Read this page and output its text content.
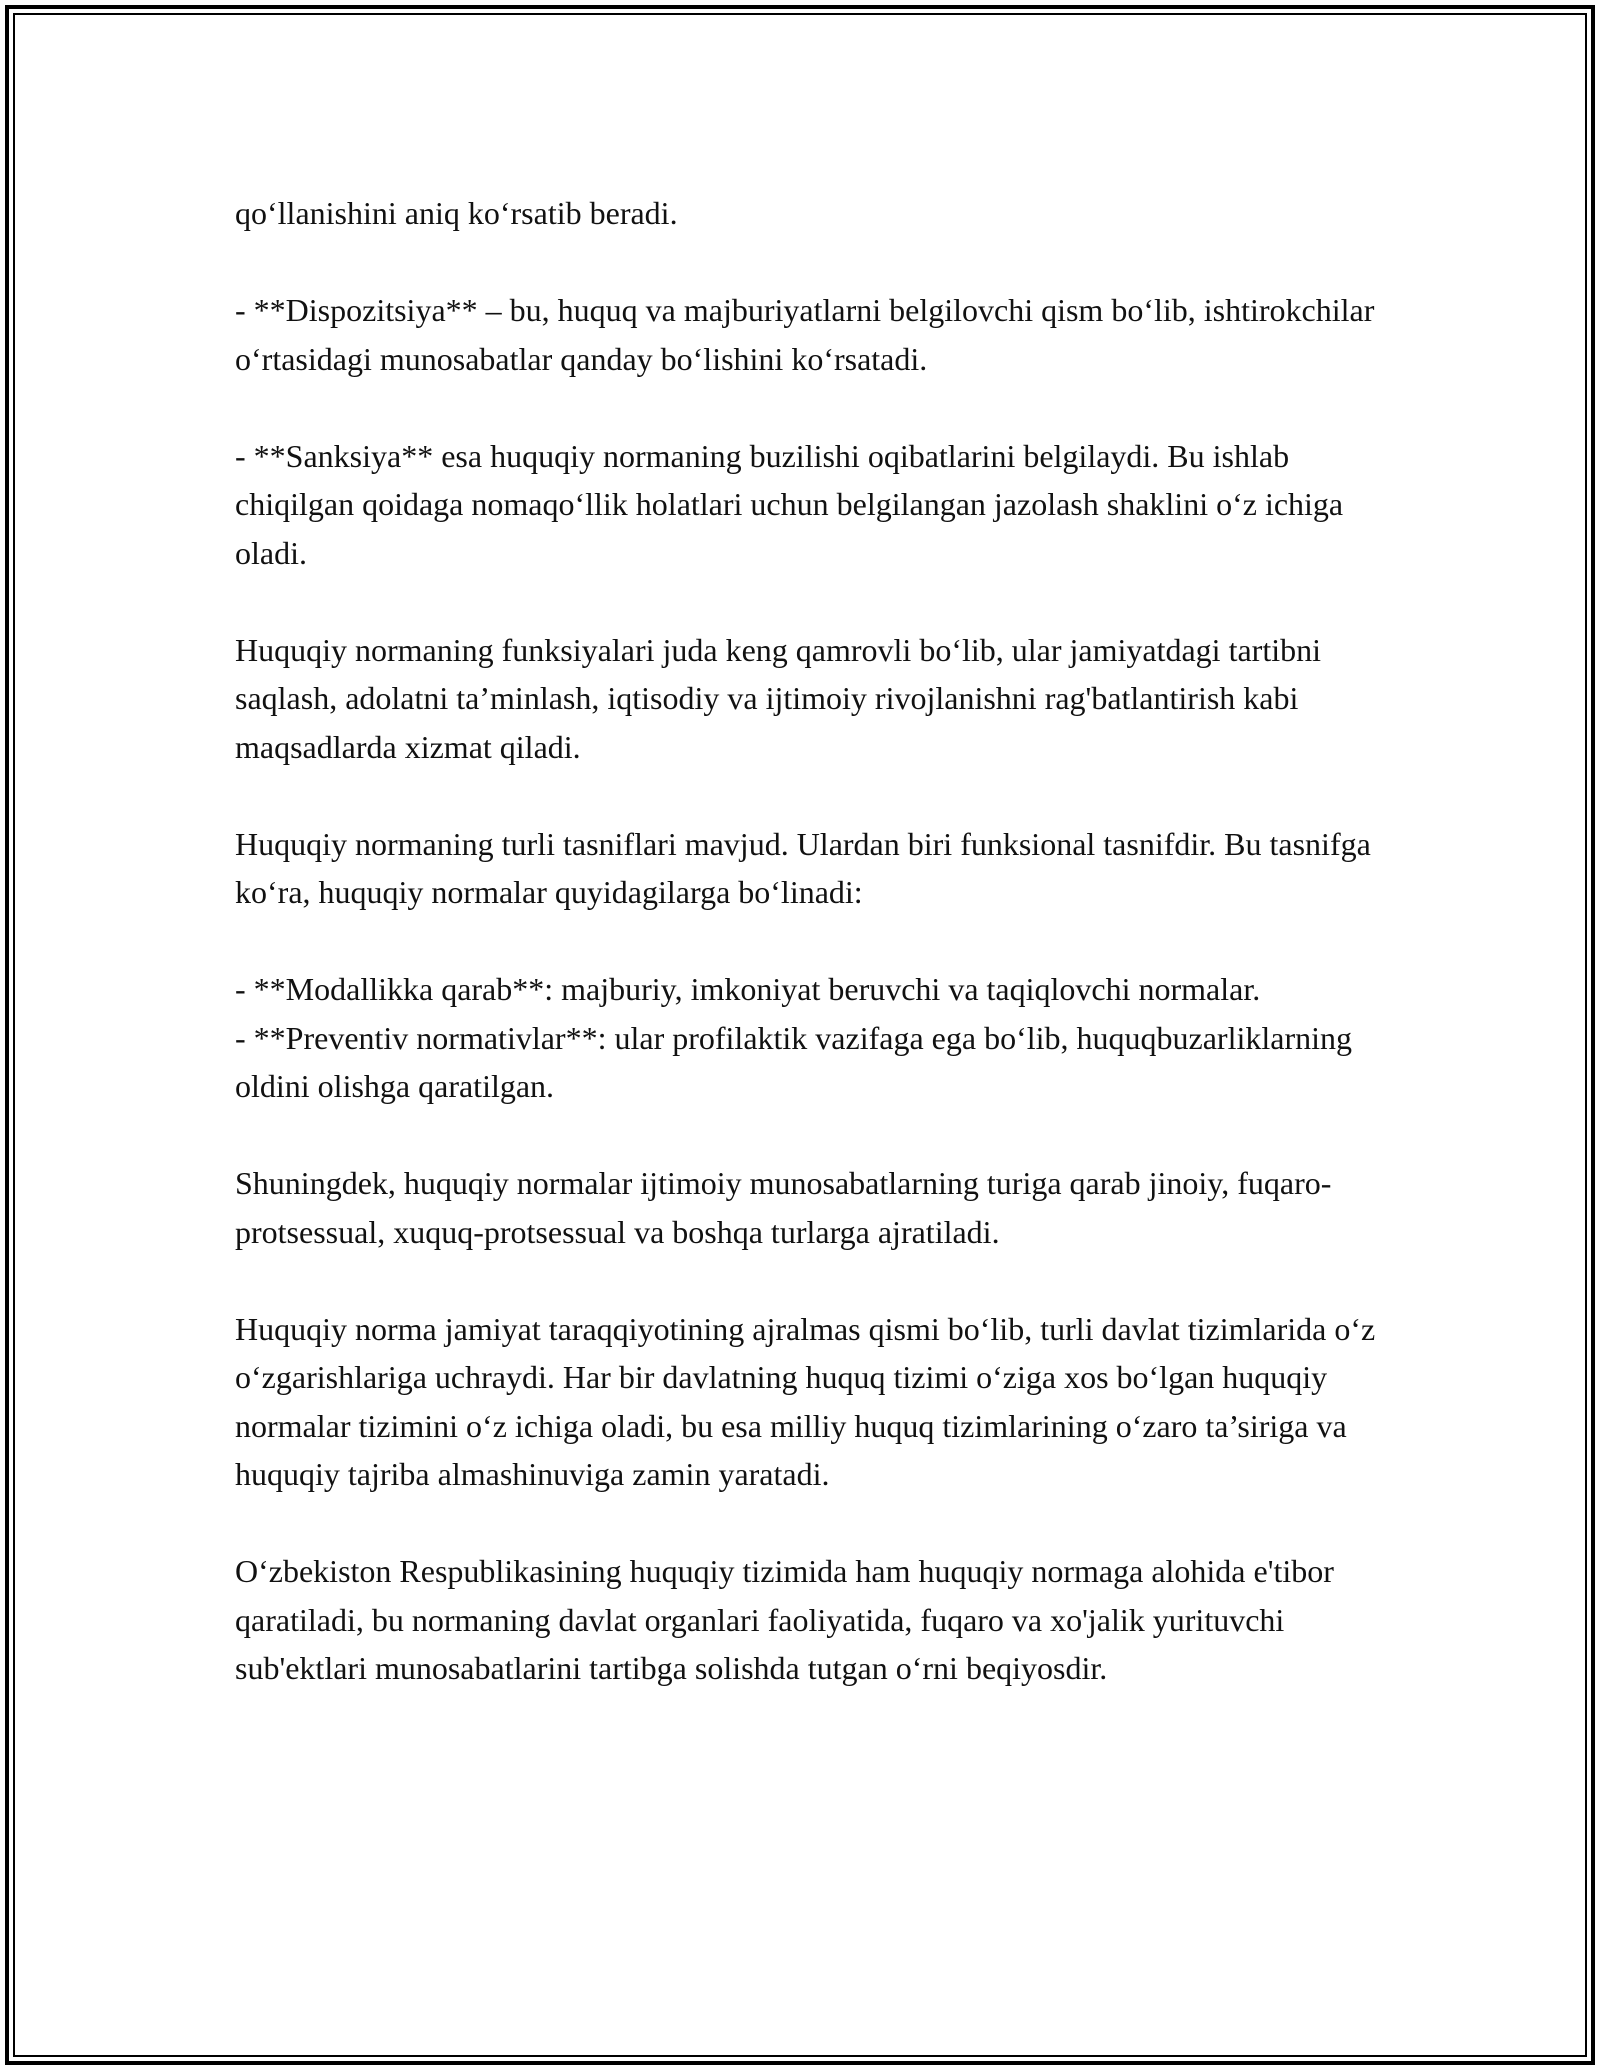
qo‘llanishini aniq ko‘rsatib beradi.

- **Dispozitsiya** – bu, huquq va majburiyatlarni belgilovchi qism bo‘lib, ishtirokchilar o‘rtasidagi munosabatlar qanday bo‘lishini ko‘rsatadi.

- **Sanksiya** esa huquqiy normaning buzilishi oqibatlarini belgilaydi. Bu ishlab chiqilgan qoidaga nomaqo‘llik holatlari uchun belgilangan jazolash shaklini o‘z ichiga oladi.

Huquqiy normaning funksiyalari juda keng qamrovli bo‘lib, ular jamiyatdagi tartibni saqlash, adolatni ta’minlash, iqtisodiy va ijtimoiy rivojlanishni rag'batlantirish kabi maqsadlarda xizmat qiladi.

Huquqiy normaning turli tasniflari mavjud. Ulardan biri funksional tasnifdir. Bu tasnifga ko‘ra, huquqiy normalar quyidagilarga bo‘linadi:

- **Modallikka qarab**: majburiy, imkoniyat beruvchi va taqiqlovchi normalar.

- **Preventiv normativlar**: ular profilaktik vazifaga ega bo‘lib, huquqbuzarliklarning oldini olishga qaratilgan.

Shuningdek, huquqiy normalar ijtimoiy munosabatlarning turiga qarab jinoiy, fuqaro-protsessual, xuquq-protsessual va boshqa turlarga ajratiladi.

Huquqiy norma jamiyat taraqqiyotining ajralmas qismi bo‘lib, turli davlat tizimlarida o‘z o‘zgarishlariga uchraydi. Har bir davlatning huquq tizimi o‘ziga xos bo‘lgan huquqiy normalar tizimini o‘z ichiga oladi, bu esa milliy huquq tizimlarining o‘zaro ta’siriga va huquqiy tajriba almashinuviga zamin yaratadi.

O‘zbekiston Respublikasining huquqiy tizimida ham huquqiy normaga alohida e'tibor qaratiladi, bu normaning davlat organlari faoliyatida, fuqaro va xo'jalik yurituvchi sub'ektlari munosabatlarini tartibga solishda tutgan o‘rni beqiyosdir.
